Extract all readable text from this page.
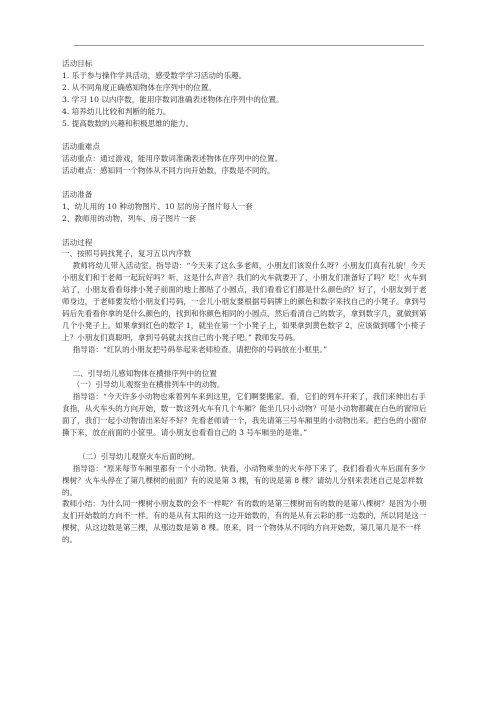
活动目标

1. 乐于参与操作学具活动，感受数学学习活动的乐趣。

2. 从不同角度正确感知物体在序列中的位置。

3. 学习 10 以内序数，能用序数词准确表述物体在序列中的位置。

4. 培养幼儿比较和判断的能力。

5. 提高数数的兴趣和积极思维的能力。

活动重难点

活动重点：通过游戏，能用序数词准确表述物体在序列中的位置。

活动难点：感知同一个物体从不同方向开始数，序数是不同的。

活动准备

1、幼儿用的 10 种动物图片、10 层的房子图片每人一套

2、教师用的动物、列车、房子图片一套

活动过程

一、按照号码找凳子，复习五以内序数

教师将幼儿带入活动室。指导语：“今天来了这么多老师，小朋友们该说什么呀？小朋友们真有礼貌！今天小朋友们和于老师一起玩好吗？听，这是什么声音？我们的火车就要开了，小朋友们准备好了吗？吃！火车到站了，小朋友看看每排小凳子前面的地上都贴了小圆点，我们看看它们都是什么颜色的？好了，小朋友到于老师身边，于老师要发给小朋友们号码，一会儿小朋友要根据号码牌上的颜色和数字来找自己的小凳子。拿到号码后先看看你拿的是什么颜色的，找到和你颜色相同的小圆点，然后看清自己的数字，拿到数字几，就做到第几个小凳子上。如果拿到红色的数字 1，就坐在第一个小凳子上，如果拿到黄色数字 2，应该做到哪个小椅子上？小朋友们真聪明，拿到号码就去找自己的小凳子吧。” 教师发号码。

指导语：“红队的小朋友把号码举起来老师检查。请把你的号码放在小框里。”

二、引导幼儿感知物体在横排序列中的位置

（一）引导幼儿观察坐在横排列车中的动物。

指导语：“今天许多小动物也乘着列车来到这里，它们啊要搬家。看，它们的列车开来了，我们来伸出右手食指，从火车头的方向开始，数一数这列火车有几个车厢？能坐几只小动物？可是小动物都藏在白色的窗帘后面了，我们一起小动物请出来好不好？先看老师请一个，我先请第三号车厢里的小动物出来。把白色的小窗帘撕下来，放在前面的小筐里。请小朋友也看看自己的 3 号车厢坐的是谁。”

（二）引导幼儿观察火车后面的树。

指导语：“原来每节车厢里都有一个小动物。快看，小动物乘坐的火车停下来了，我们看看火车后面有多少棵树？火车头停在了第几棵树的前面？有的说是第 3 棵，有的说是第 8 棵？请幼儿分别来表述自己是怎样数的。

教师小结：为什么同一棵树小朋友数的会不一样呢？有的数的是第三棵树而有的数的是第八棵树？是因为小朋友们开始数的方向不一样。有的是从有太阳的这一边开始数的，有的是从有云彩的那一边数的，所以同是这一棵树，从这边数是第三棵，从那边数是第 8 棵。原来，同一个物体从不同的方向开始数，第几第几是不一样的。
